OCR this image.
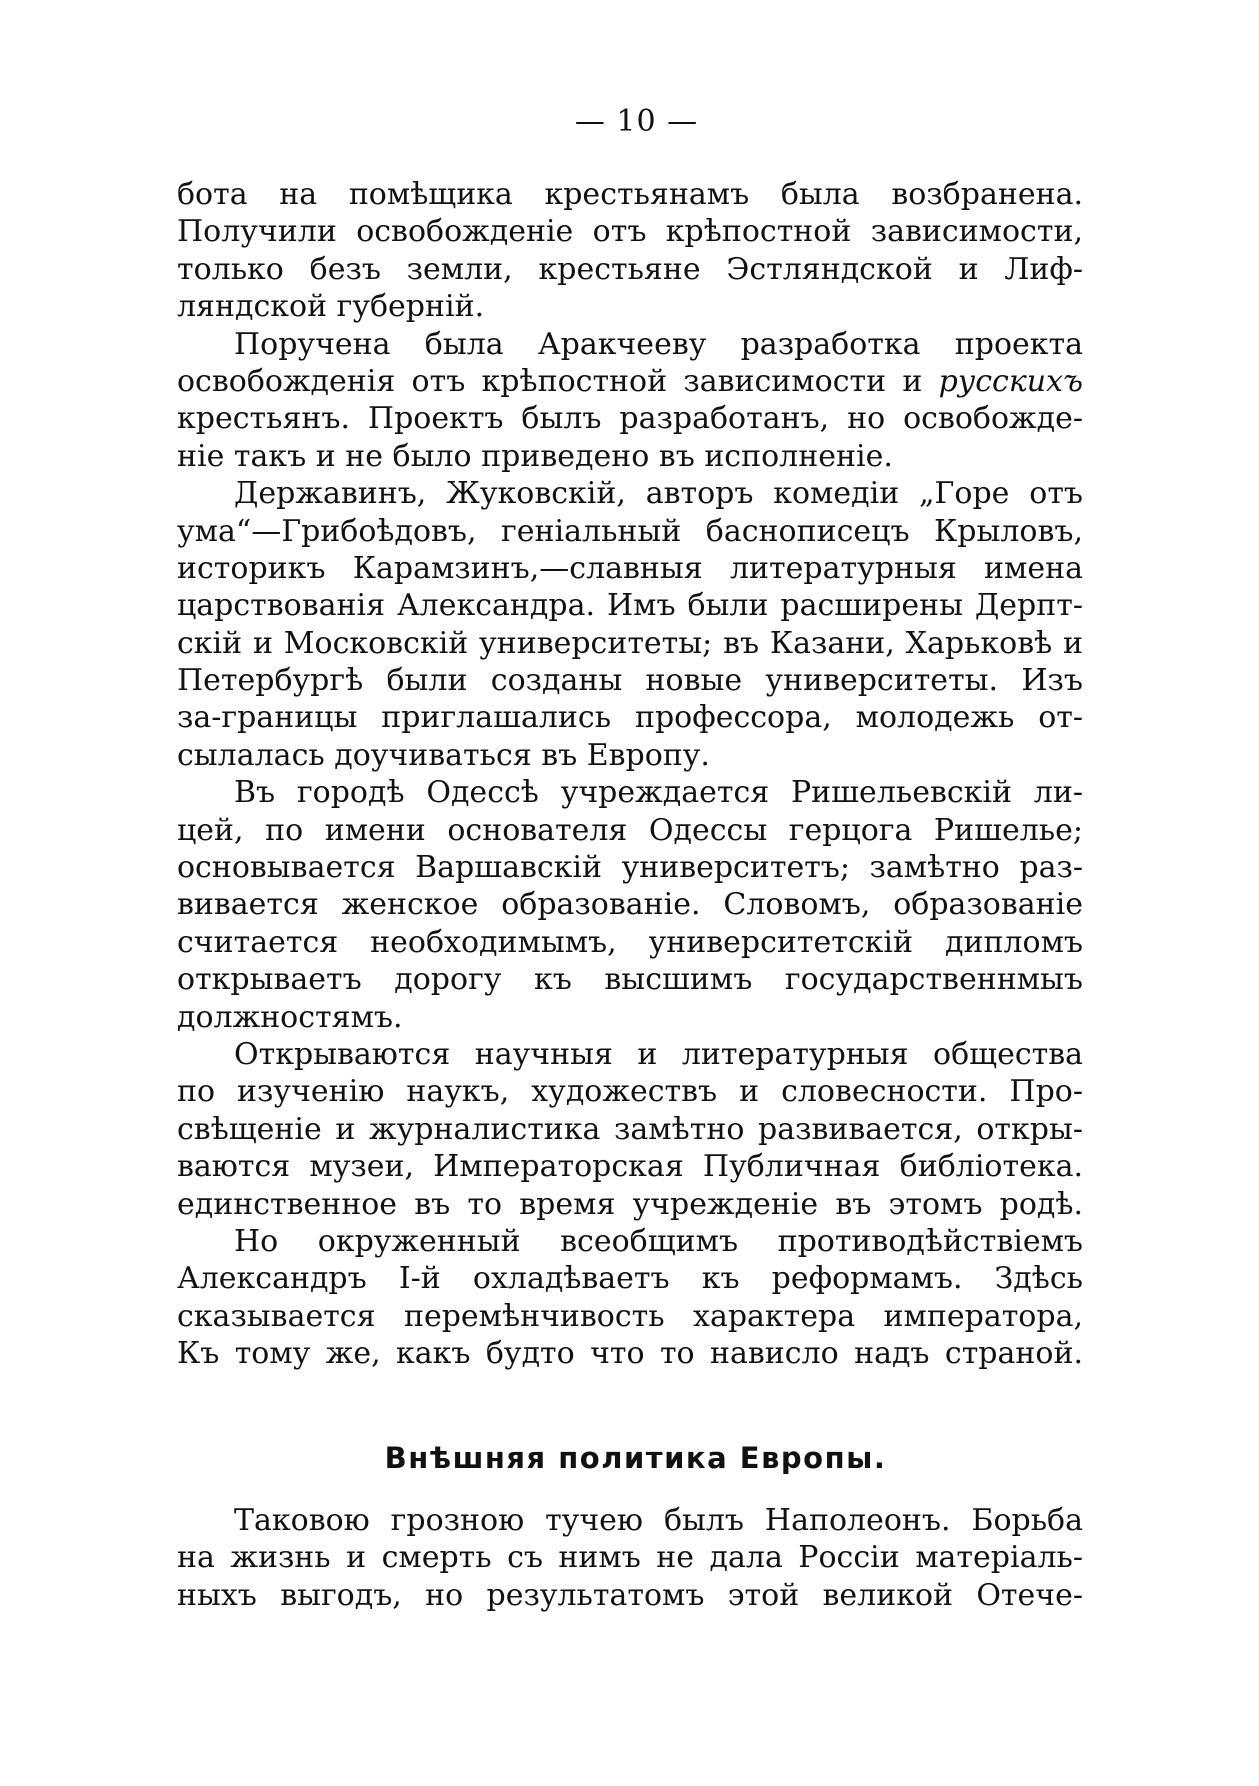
— 10 —
бота на помѣщика крестьянамъ была возбранена.
Получили освобожденіе отъ крѣпостной зависимости,
только безъ земли, крестьяне Эстляндской и Лиф-
ляндской губерній.
Поручена была Аракчееву разработка проекта
освобожденія отъ крѣпостной зависимости и русскихъ
крестьянъ. Проектъ былъ разработанъ, но освобожде-
ніе такъ и не было приведено въ исполненіе.
Державинъ, Жуковскій, авторъ комедіи „Горе отъ
ума“—Грибоѣдовъ, геніальный баснописецъ Крыловъ,
историкъ Карамзинъ,—славныя литературныя имена
царствованія Александра. Имъ были расширены Дерпт-
скій и Московскій университеты; въ Казани, Харьковѣ и
Петербургѣ были созданы новые университеты. Изъ
за-границы приглашались профессора, молодежь от-
сылалась доучиваться въ Европу.
Въ городѣ Одессѣ учреждается Ришельевскій ли-
цей, по имени основателя Одессы герцога Ришелье;
основывается Варшавскій университетъ; замѣтно раз-
вивается женское образованіе. Словомъ, образованіе
считается необходимымъ, университетскій дипломъ
открываетъ дорогу къ высшимъ государственнмыъ
должностямъ.
Открываются научныя и литературныя общества
по изученію наукъ, художествъ и словесности. Про-
свѣщеніе и журналистика замѣтно развивается, откры-
ваются музеи, Императорская Публичная библіотека.
единственное въ то время учрежденіе въ этомъ родѣ.
Но окруженный всеобщимъ противодѣйствіемъ
Александръ І-й охладѣваетъ къ реформамъ. Здѣсь
сказывается перемѣнчивость характера императора,
Къ тому же, какъ будто что то нависло надъ страной.
Внѣшняя политика Европы.
Таковою грозною тучею былъ Наполеонъ. Борьба
на жизнь и смерть съ нимъ не дала Россіи матеріаль-
ныхъ выгодъ, но результатомъ этой великой Отече-
